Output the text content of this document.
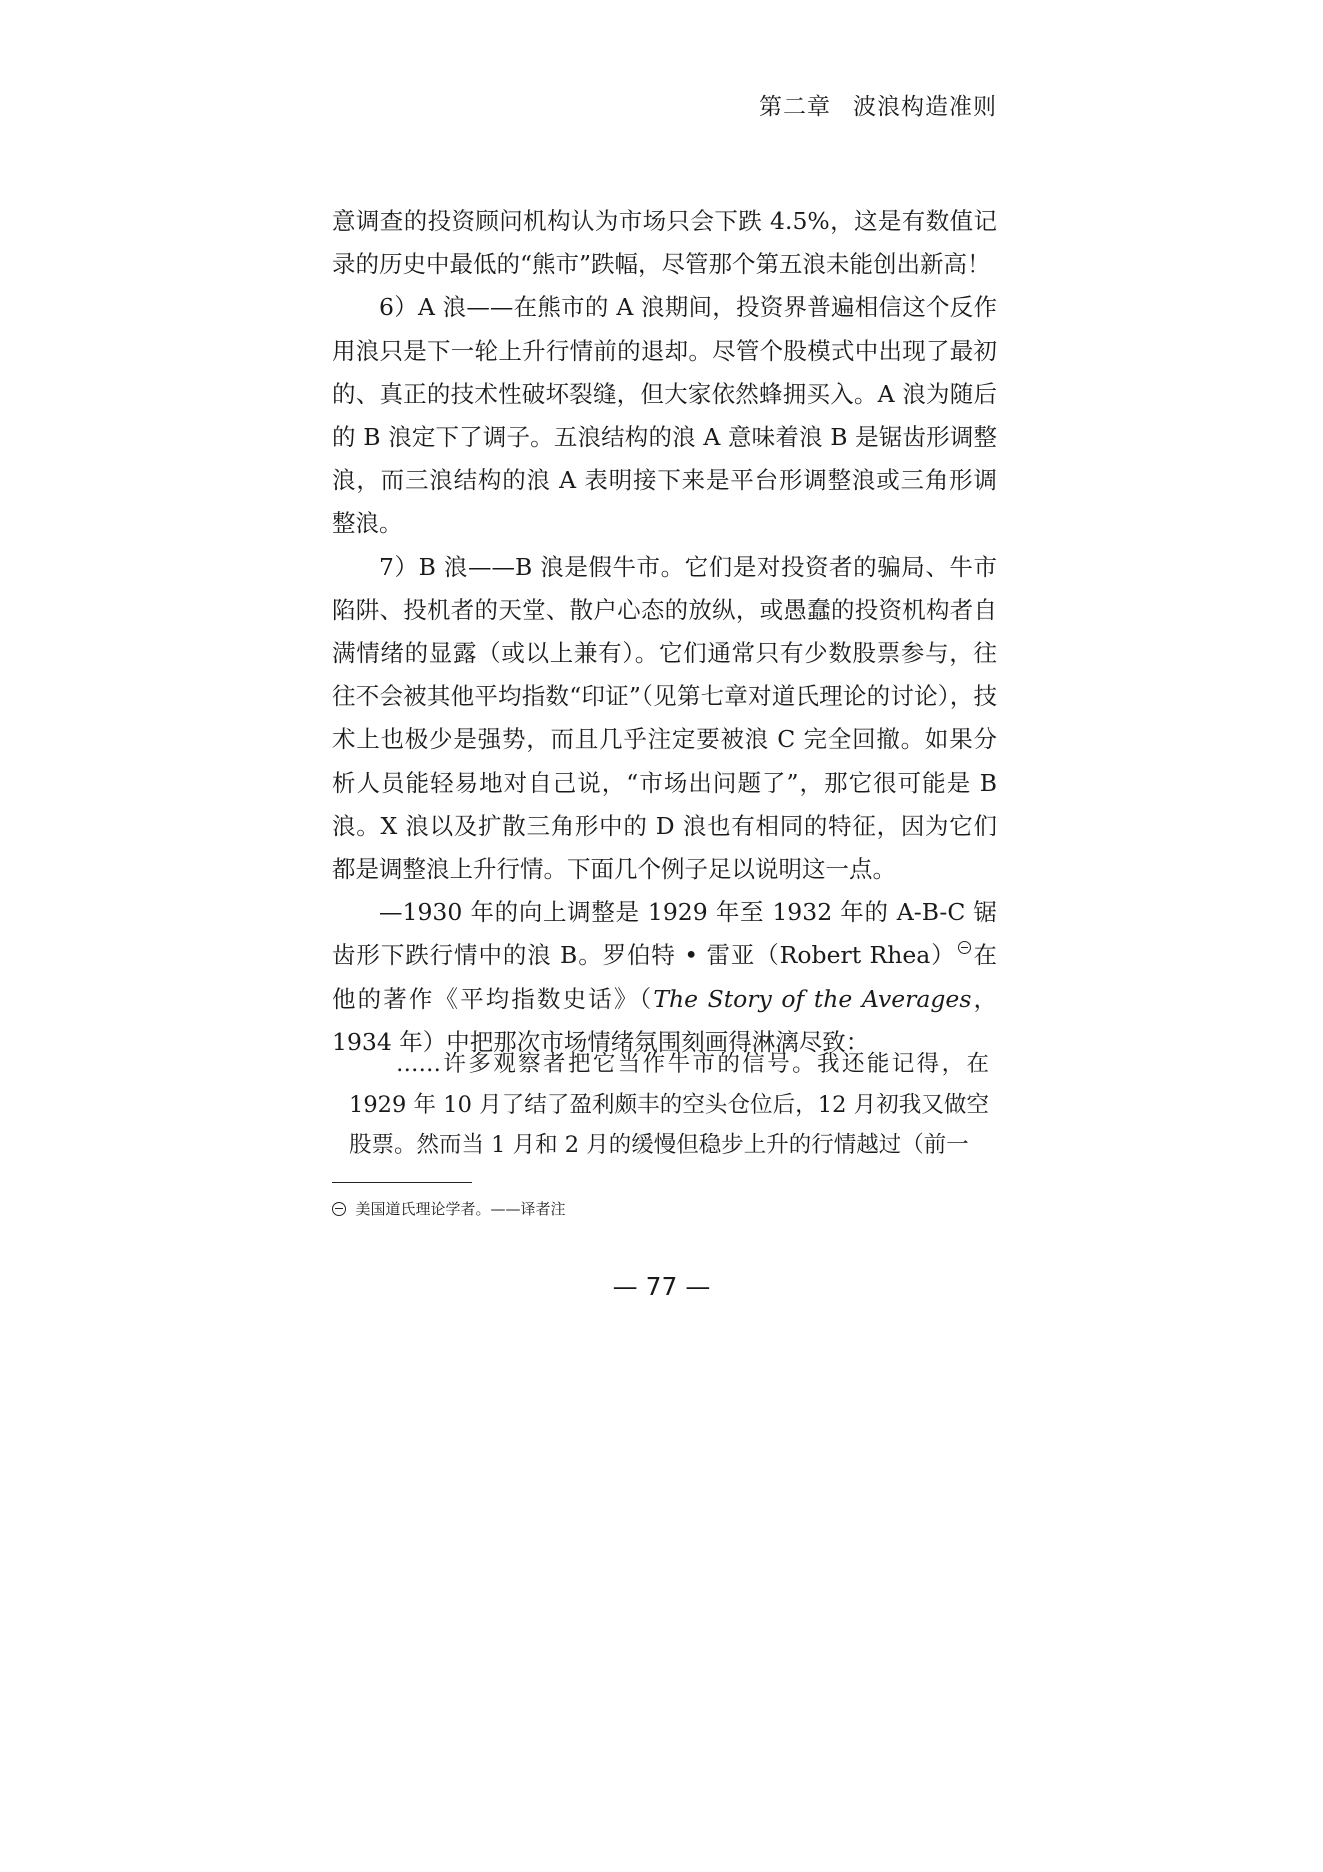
第二章 波浪构造准则

意调查的投资顾问机构认为市场只会下跌 4.5%，这是有数值记录的历史中最低的“熊市”跌幅，尽管那个第五浪未能创出新高！

6）A 浪——在熊市的 A 浪期间，投资界普遍相信这个反作用浪只是下一轮上升行情前的退却。尽管个股模式中出现了最初的、真正的技术性破坏裂缝，但大家依然蜂拥买入。A 浪为随后的 B 浪定下了调子。五浪结构的浪 A 意味着浪 B 是锯齿形调整浪，而三浪结构的浪 A 表明接下来是平台形调整浪或三角形调整浪。

7）B 浪——B 浪是假牛市。它们是对投资者的骗局、牛市陷阱、投机者的天堂、散户心态的放纵，或愚蠢的投资机构者自满情绪的显露（或以上兼有）。它们通常只有少数股票参与，往往不会被其他平均指数“印证”（见第七章对道氏理论的讨论），技术上也极少是强势，而且几乎注定要被浪 C 完全回撤。如果分析人员能轻易地对自己说，“市场出问题了”，那它很可能是 B 浪。X 浪以及扩散三角形中的 D 浪也有相同的特征，因为它们都是调整浪上升行情。下面几个例子足以说明这一点。

—1930 年的向上调整是 1929 年至 1932 年的 A-B-C 锯齿形下跌行情中的浪 B。罗伯特 • 雷亚（Robert Rhea） 在他的著作《平均指数史话》（The Story of the Averages，1934 年）中把那次市场情绪氛围刻画得淋漓尽致：

……许多观察者把它当作牛市的信号。我还能记得，在 1929 年 10 月了结了盈利颇丰的空头仓位后，12 月初我又做空股票。然而当 1 月和 2 月的缓慢但稳步上升的行情越过（前一

美国道氏理论学者。——译者注
— 77 —
